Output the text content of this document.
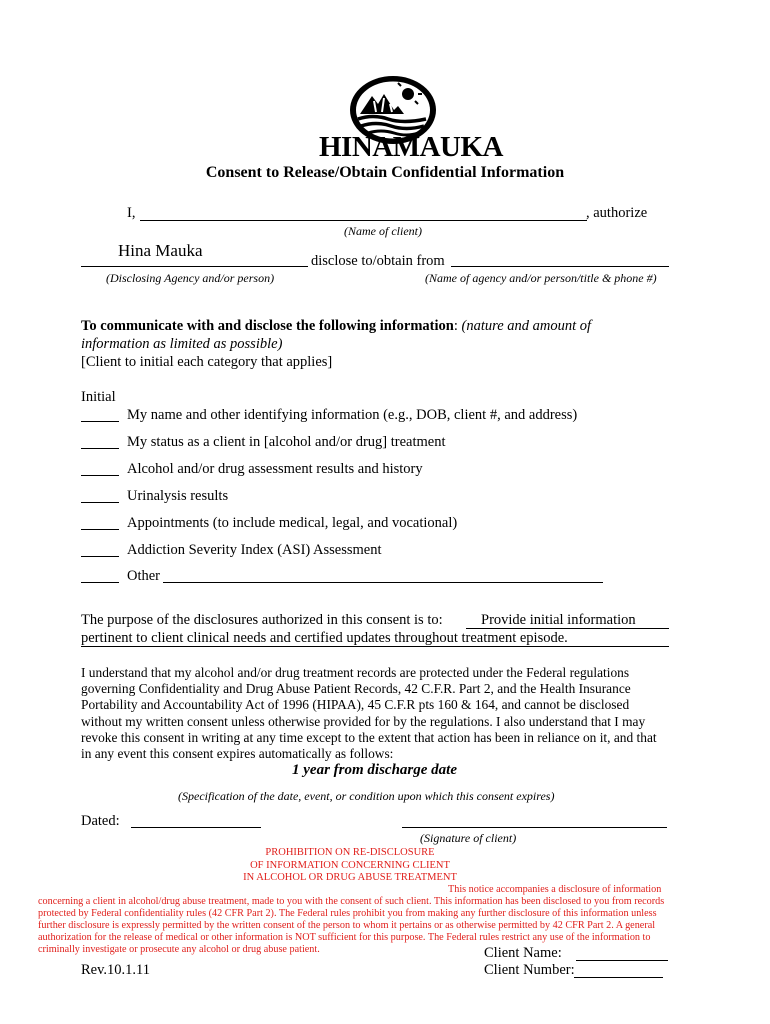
HINAMAUKA
Consent to Release/Obtain Confidential Information
I,	, authorize
(Name of client)
Hina Mauka
disclose to/obtain from
(Disclosing Agency and/or person)	(Name of agency and/or person/title & phone #)
To communicate with and disclose the following information: (nature and amount of
information as limited as possible)
[Client to initial each category that applies]
Initial
My name and other identifying information (e.g., DOB, client #, and address)
My status as a client in [alcohol and/or drug] treatment
Alcohol and/or drug assessment results and history
Urinalysis results
Appointments (to include medical, legal, and vocational)
Addiction Severity Index (ASI) Assessment
Other
The purpose of the disclosures authorized in this consent is to:	Provide initial information
pertinent to client clinical needs and certified updates throughout treatment episode.
I understand that my alcohol and/or drug treatment records are protected under the Federal regulations
governing Confidentiality and Drug Abuse Patient Records, 42 C.F.R. Part 2, and the Health Insurance
Portability and Accountability Act of 1996 (HIPAA), 45 C.F.R pts 160 & 164, and cannot be disclosed
without my written consent unless otherwise provided for by the regulations. I also understand that I may
revoke this consent in writing at any time except to the extent that action has been in reliance on it, and that
in any event this consent expires automatically as follows:
1 year from discharge date
(Specification of the date, event, or condition upon which this consent expires)
Dated:
(Signature of client)
PROHIBITION ON RE-DISCLOSURE
OF INFORMATION CONCERNING CLIENT
IN ALCOHOL OR DRUG ABUSE TREATMENT
This notice accompanies a disclosure of information
concerning a client in alcohol/drug abuse treatment, made to you with the consent of such client. This information has been disclosed to you from records
protected by Federal confidentiality rules (42 CFR Part 2). The Federal rules prohibit you from making any further disclosure of this information unless
further disclosure is expressly permitted by the written consent of the person to whom it pertains or as otherwise permitted by 42 CFR Part 2. A general
authorization for the release of medical or other information is NOT sufficient for this purpose. The Federal rules restrict any use of the information to
criminally investigate or prosecute any alcohol or drug abuse patient.	Client Name:
Rev.10.1.11	Client Number:
